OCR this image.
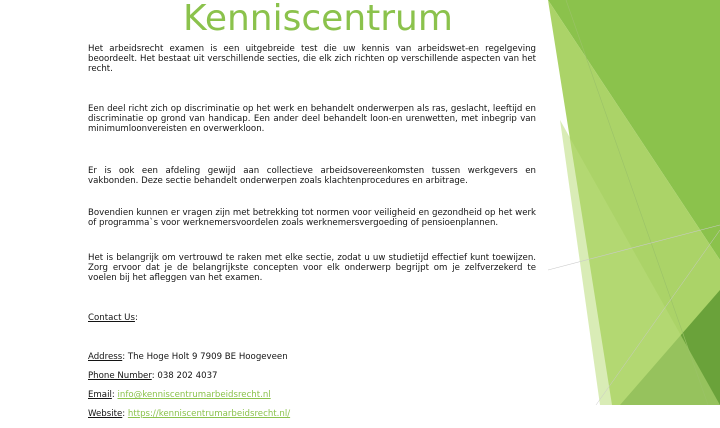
Kenniscentrum

Het arbeidsrecht examen is een uitgebreide test die uw kennis van arbeidswet-en regelgeving beoordeelt. Het bestaat uit verschillende secties, die elk zich richten op verschillende aspecten van het recht.

Een deel richt zich op discriminatie op het werk en behandelt onderwerpen als ras, geslacht, leeftijd en discriminatie op grond van handicap. Een ander deel behandelt loon-en urenwetten, met inbegrip van minimumloonvereisten en overwerkloon.

Er is ook een afdeling gewijd aan collectieve arbeidsovereenkomsten tussen werkgevers en vakbonden. Deze sectie behandelt onderwerpen zoals klachtenprocedures en arbitrage.

Bovendien kunnen er vragen zijn met betrekking tot normen voor veiligheid en gezondheid op het werk of programma`s voor werknemersvoordelen zoals werknemersvergoeding of pensioenplannen.

Het is belangrijk om vertrouwd te raken met elke sectie, zodat u uw studietijd effectief kunt toewijzen. Zorg ervoor dat je de belangrijkste concepten voor elk onderwerp begrijpt om je zelfverzekerd te voelen bij het afleggen van het examen.

Contact Us:

Address: The Hoge Holt 9 7909 BE Hoogeveen

Phone Number: 038 202 4037

Email: info@kenniscentrumarbeidsrecht.nl

Website: https://kenniscentrumarbeidsrecht.nl/
